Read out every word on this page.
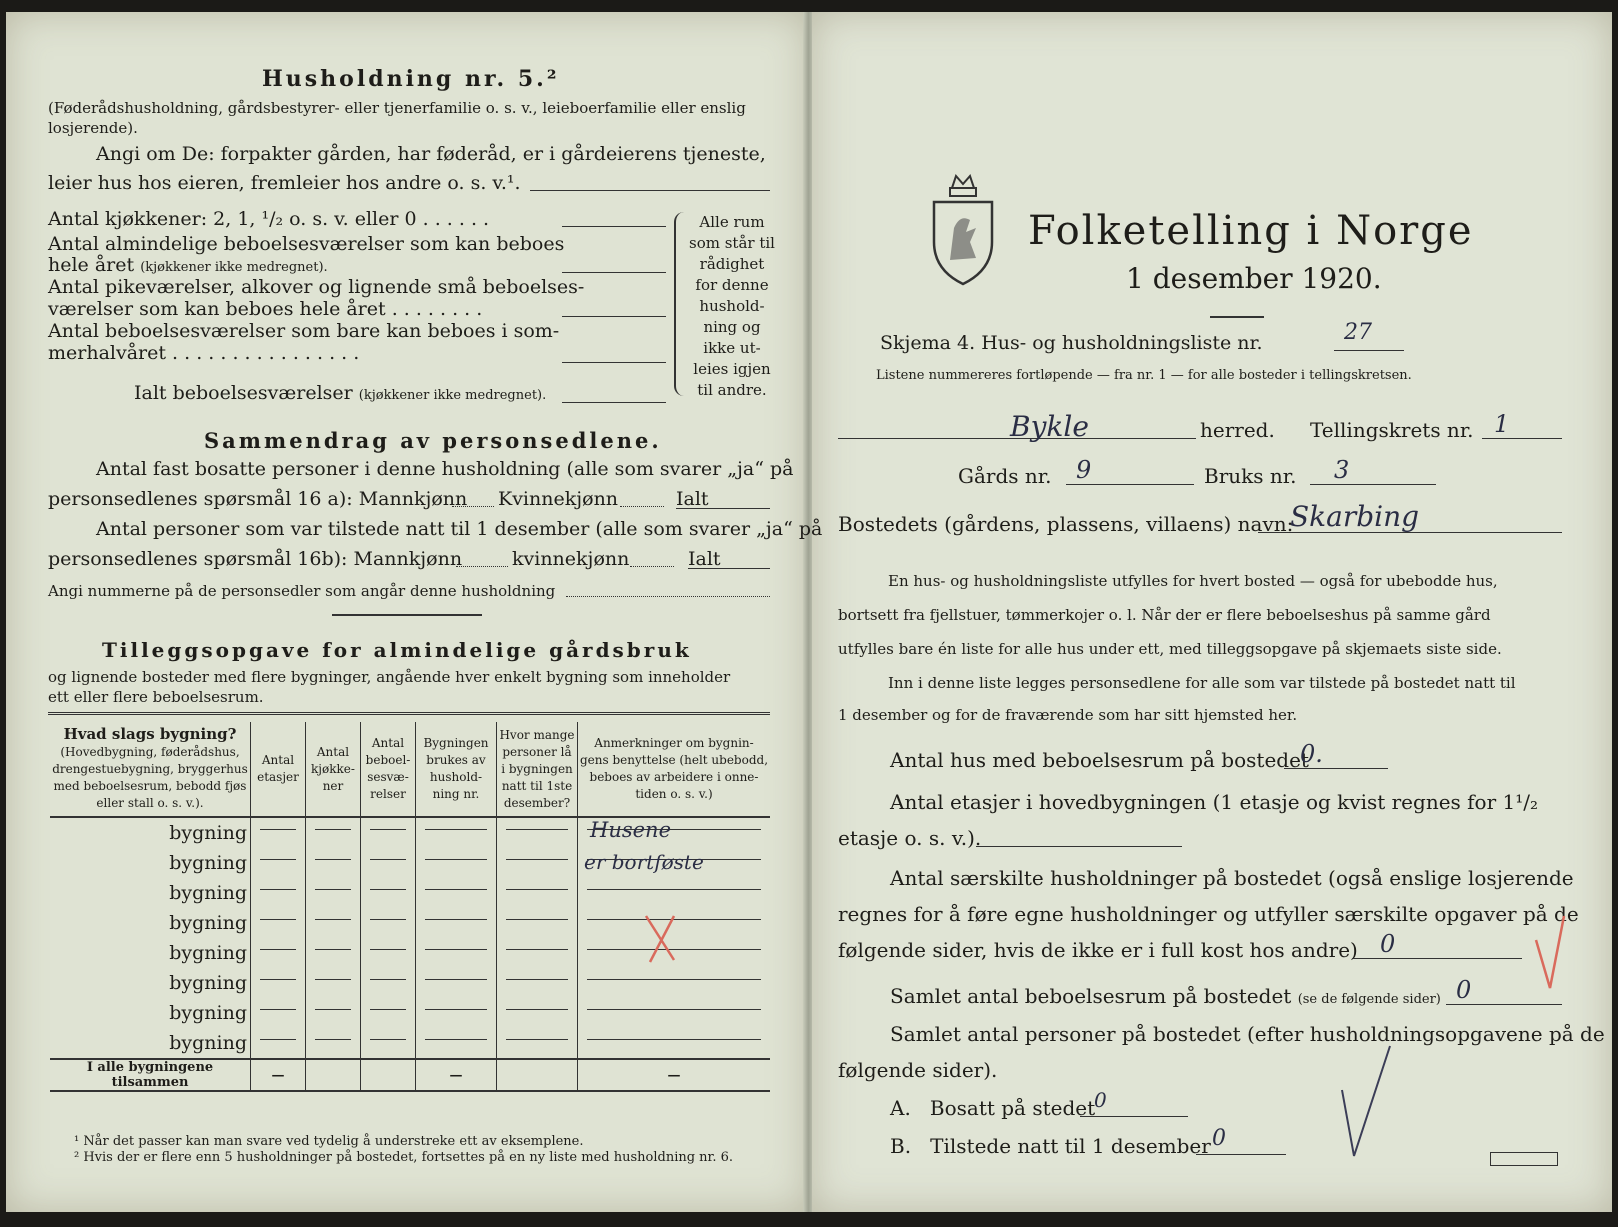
Husholdning nr. 5.²
(Føderådshusholdning, gårdsbestyrer- eller tjenerfamilie o. s. v., leieboerfamilie eller enslig losjerende).
Angi om De: forpakter gården, har føderåd, er i gårdeierens tjeneste,
leier hus hos eieren, fremleier hos andre o. s. v.¹.
Antal kjøkkener: 2, 1, ¹/₂ o. s. v. eller 0 . . . . . .
Antal almindelige beboelsesværelser som kan beboes
hele året (kjøkkener ikke medregnet).
Antal pikeværelser, alkover og lignende små beboelses-
værelser som kan beboes hele året . . . . . . . .
Antal beboelsesværelser som bare kan beboes i som-
merhalvåret . . . . . . . . . . . . . . . .
Ialt beboelsesværelser (kjøkkener ikke medregnet).
Alle rum
som står til
rådighet
for denne
hushold-
ning og
ikke ut-
leies igjen
til andre.
Sammendrag av personsedlene.
Antal fast bosatte personer i denne husholdning (alle som svarer „ja“ på
personsedlenes spørsmål 16 a): Mannkjønn Kvinnekjønn	Ialt
Antal personer som var tilstede natt til 1 desember (alle som svarer „ja“ på
personsedlenes spørsmål 16b): Mannkjønn	kvinnekjønn	Ialt
Angi nummerne på de personsedler som angår denne husholdning
Tilleggsopgave for almindelige gårdsbruk
og lignende bosteder med flere bygninger, angående hver enkelt bygning som inneholder
ett eller flere beboelsesrum.
Hvad slags bygning?
(Hovedbygning, føderådshus, drengestuebygning, bryggerhus med beboelsesrum, bebodd fjøs eller stall o. s. v.).	Antal etasjer	Antal kjøkke-ner	Antal beboel-sesvæ-relser	Bygningen brukes av hushold-ning nr.	Hvor mange personer lå i bygningen natt til 1ste desember?	Anmerkninger om bygnin-gens benyttelse (helt ubebodd, beboes av arbeidere i onne-tiden o. s. v.)
bygning						Husene

bygning						er bortføste

bygning	

bygning	

bygning	

bygning	

bygning	

bygning	

I alle bygningene tilsammen	—			—		—
¹ Når det passer kan man svare ved tydelig å understreke ett av eksemplene.
² Hvis der er flere enn 5 husholdninger på bostedet, fortsettes på en ny liste med husholdning nr. 6.
Folketelling i Norge
1 desember 1920.
Skjema 4. Hus- og husholdningsliste nr.	27
Listene nummereres fortløpende — fra nr. 1 — for alle bosteder i tellingskretsen.
Bykle	herred. Tellingskrets nr. 1
Gårds nr. 9	Bruks nr. 3
Bostedets (gårdens, plassens, villaens) navn:
Skarbing
En hus- og husholdningsliste utfylles for hvert bosted — også for ubebodde hus,
bortsett fra fjellstuer, tømmerkojer o. l. Når der er flere beboelseshus på samme gård
utfylles bare én liste for alle hus under ett, med tilleggsopgave på skjemaets siste side.
Inn i denne liste legges personsedlene for alle som var tilstede på bostedet natt til
1 desember og for de fraværende som har sitt hjemsted her.
Antal hus med beboelsesrum på bostedet
0.
Antal etasjer i hovedbygningen (1 etasje og kvist regnes for 1¹/₂
etasje o. s. v.).
Antal særskilte husholdninger på bostedet (også enslige losjerende
regnes for å føre egne husholdninger og utfyller særskilte opgaver på de
følgende sider, hvis de ikke er i full kost hos andre) 0
Samlet antal beboelsesrum på bostedet (se de følgende sider) 0
Samlet antal personer på bostedet (efter husholdningsopgavene på de
følgende sider).
A. Bosatt på stedet
0
B. Tilstede natt til 1 desember 0
